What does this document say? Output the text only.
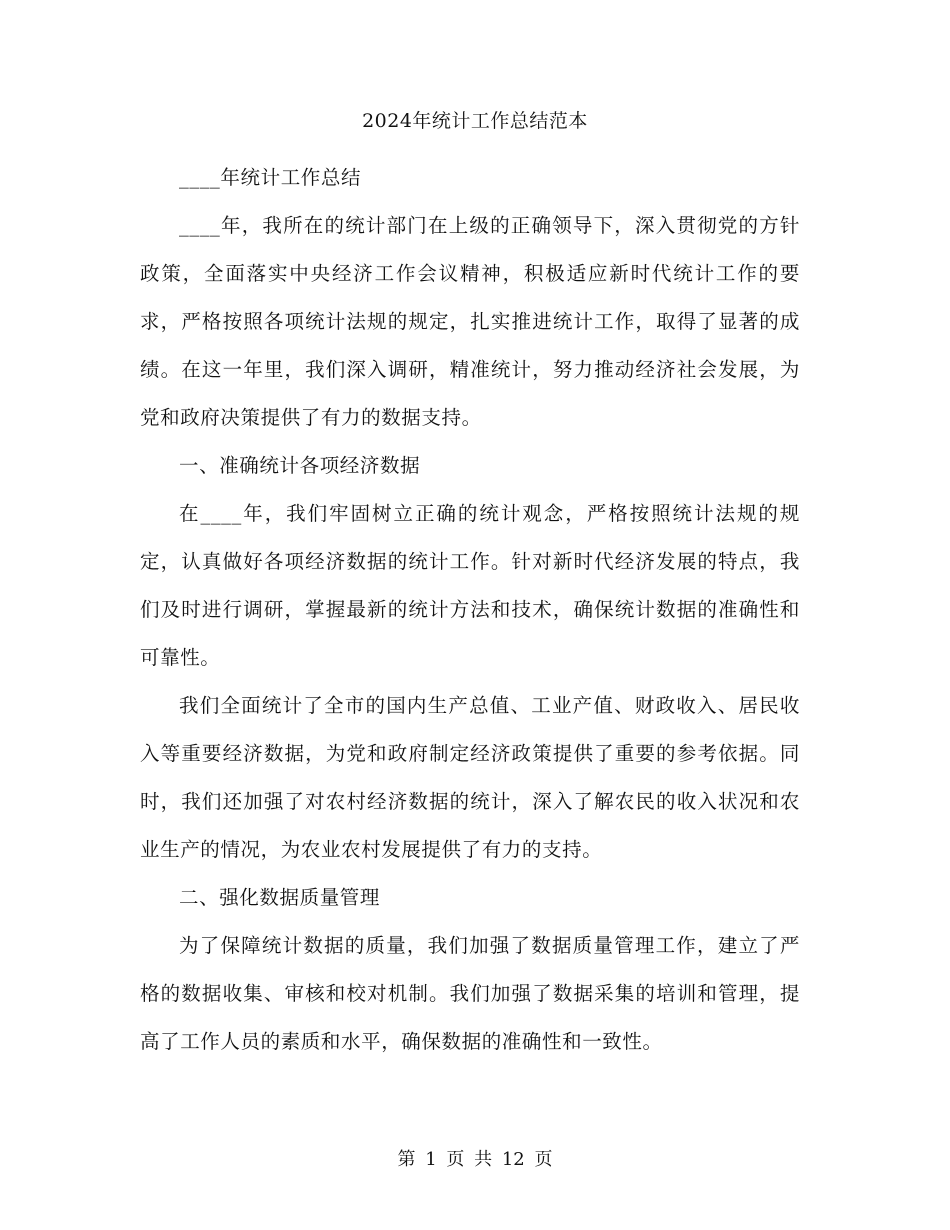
2024年统计工作总结范本

____年统计工作总结

____年，我所在的统计部门在上级的正确领导下，深入贯彻党的方针政策，全面落实中央经济工作会议精神，积极适应新时代统计工作的要求，严格按照各项统计法规的规定，扎实推进统计工作，取得了显著的成绩。在这一年里，我们深入调研，精准统计，努力推动经济社会发展，为党和政府决策提供了有力的数据支持。

一、准确统计各项经济数据

在____年，我们牢固树立正确的统计观念，严格按照统计法规的规定，认真做好各项经济数据的统计工作。针对新时代经济发展的特点，我们及时进行调研，掌握最新的统计方法和技术，确保统计数据的准确性和可靠性。

我们全面统计了全市的国内生产总值、工业产值、财政收入、居民收入等重要经济数据，为党和政府制定经济政策提供了重要的参考依据。同时，我们还加强了对农村经济数据的统计，深入了解农民的收入状况和农业生产的情况，为农业农村发展提供了有力的支持。

二、强化数据质量管理

为了保障统计数据的质量，我们加强了数据质量管理工作，建立了严格的数据收集、审核和校对机制。我们加强了数据采集的培训和管理，提高了工作人员的素质和水平，确保数据的准确性和一致性。

第 1 页 共 12 页
